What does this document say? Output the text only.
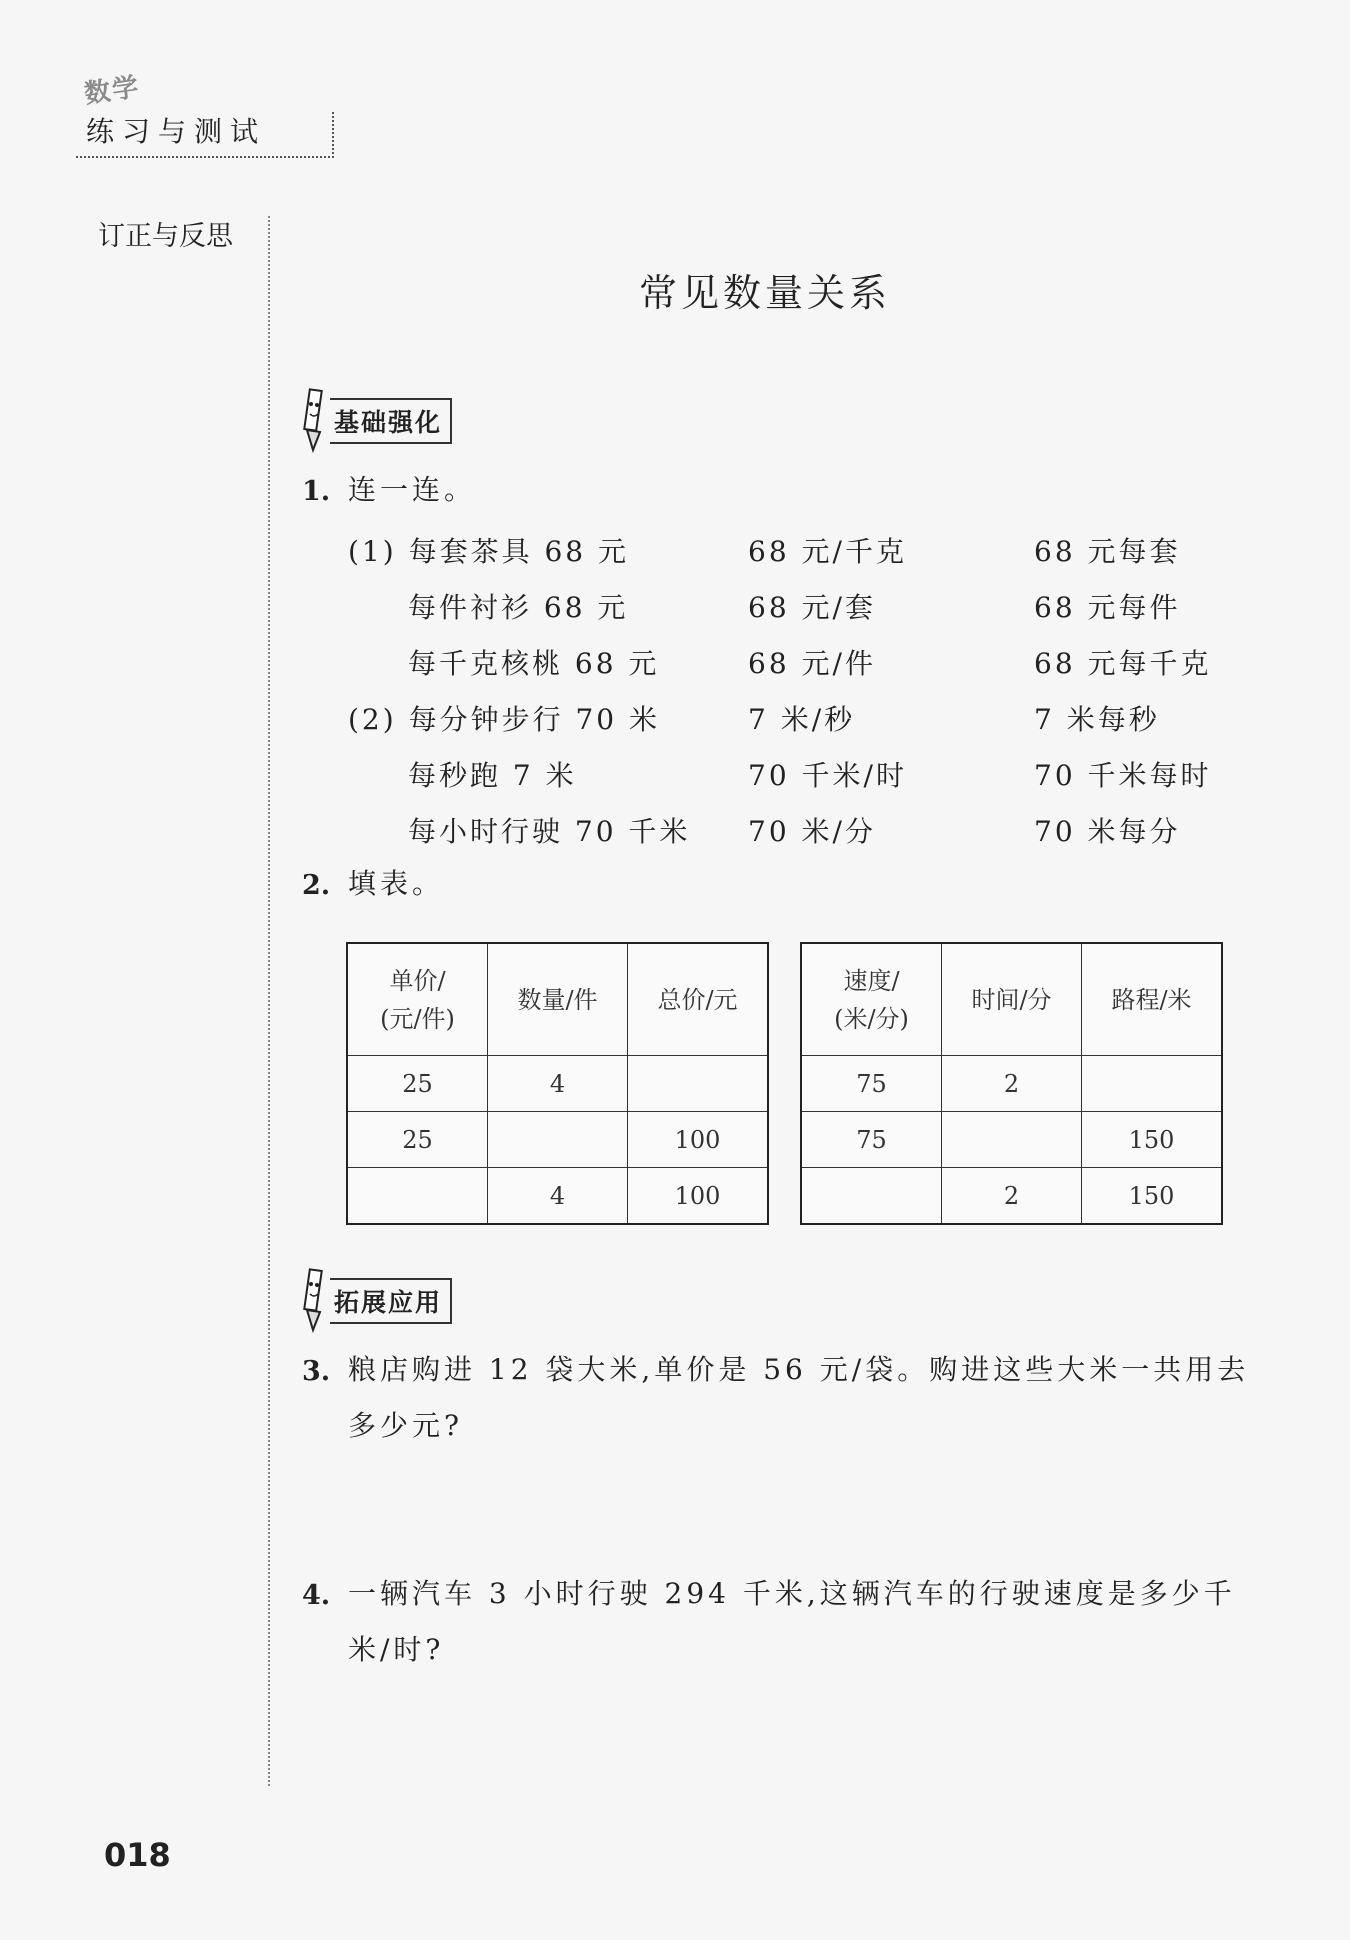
数学
练习与测试
订正与反思
常见数量关系
基础强化
1. 连一连。
(1) 每套茶具 68 元	68 元/千克	68 元每套
每件衬衫 68 元	68 元/套	68 元每件
每千克核桃 68 元	68 元/件	68 元每千克
(2) 每分钟步行 70 米	7 米/秒	7 米每秒
每秒跑 7 米	70 千米/时	70 千米每时
每小时行驶 70 千米 70 米/分	70 米每分
2. 填表。
单价/
(元/件)	数量/件	总价/元
25	4	
25		100
	4	100
速度/
(米/分)	时间/分	路程/米
75	2	
75		150
	2	150
拓展应用
3. 粮店购进 12 袋大米,单价是 56 元/袋。购进这些大米一共用去
多少元?
4. 一辆汽车 3 小时行驶 294 千米,这辆汽车的行驶速度是多少千
米/时?
018
